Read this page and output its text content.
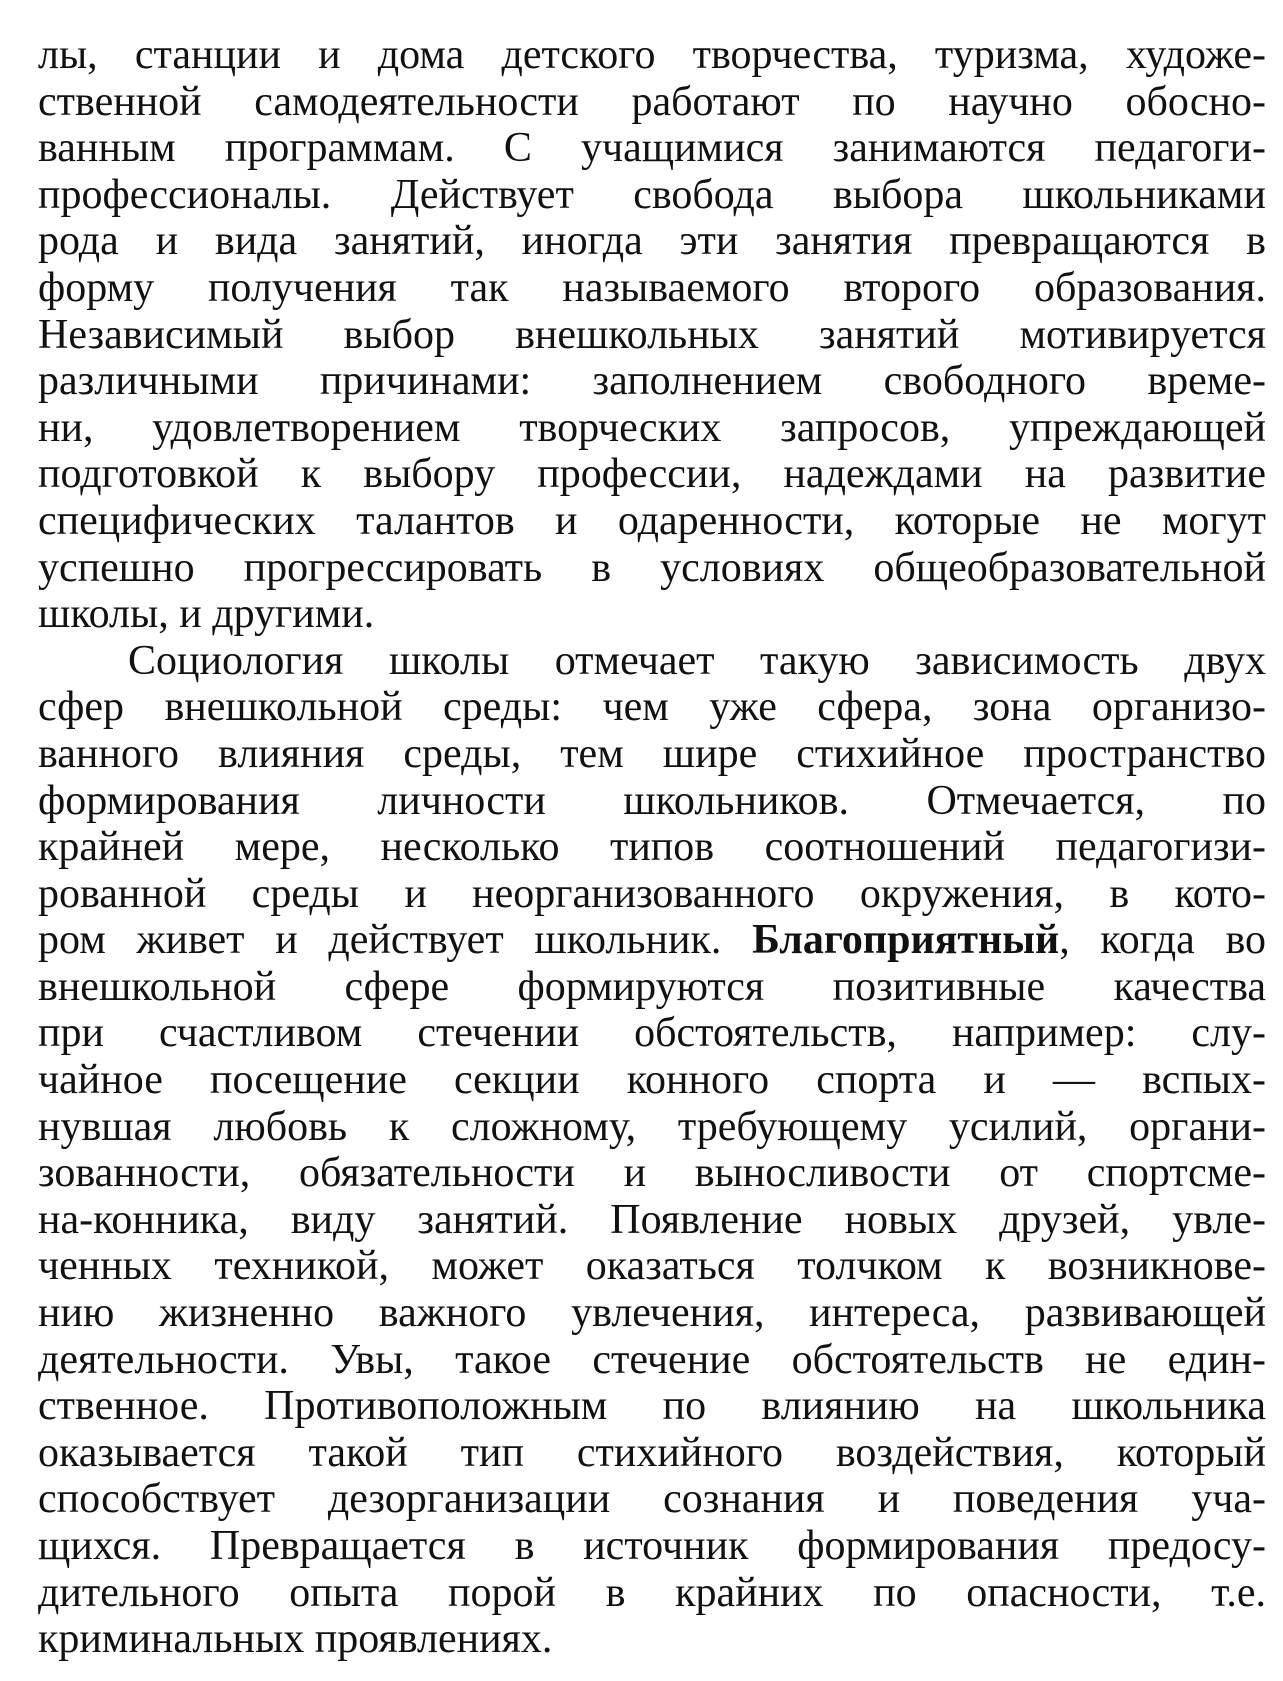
лы, станции и дома детского творчества, туризма, художе-
ственной самодеятельности работают по научно обосно-
ванным программам. С учащимися занимаются педагоги-
профессионалы. Действует свобода выбора школьниками
рода и вида занятий, иногда эти занятия превращаются в
форму получения так называемого второго образования.
Независимый выбор внешкольных занятий мотивируется
различными причинами: заполнением свободного време-
ни, удовлетворением творческих запросов, упреждающей
подготовкой к выбору профессии, надеждами на развитие
специфических талантов и одаренности, которые не могут
успешно прогрессировать в условиях общеобразовательной
школы, и другими.
Социология школы отмечает такую зависимость двух
сфер внешкольной среды: чем уже сфера, зона организо-
ванного влияния среды, тем шире стихийное пространство
формирования личности школьников. Отмечается, по
крайней мере, несколько типов соотношений педагогизи-
рованной среды и неорганизованного окружения, в кото-
ром живет и действует школьник. Благоприятный, когда во
внешкольной сфере формируются позитивные качества
при счастливом стечении обстоятельств, например: слу-
чайное посещение секции конного спорта и — вспых-
нувшая любовь к сложному, требующему усилий, органи-
зованности, обязательности и выносливости от спортсме-
на-конника, виду занятий. Появление новых друзей, увле-
ченных техникой, может оказаться толчком к возникнове-
нию жизненно важного увлечения, интереса, развивающей
деятельности. Увы, такое стечение обстоятельств не един-
ственное. Противоположным по влиянию на школьника
оказывается такой тип стихийного воздействия, который
способствует дезорганизации сознания и поведения уча-
щихся. Превращается в источник формирования предосу-
дительного опыта порой в крайних по опасности, т.е.
криминальных проявлениях.
